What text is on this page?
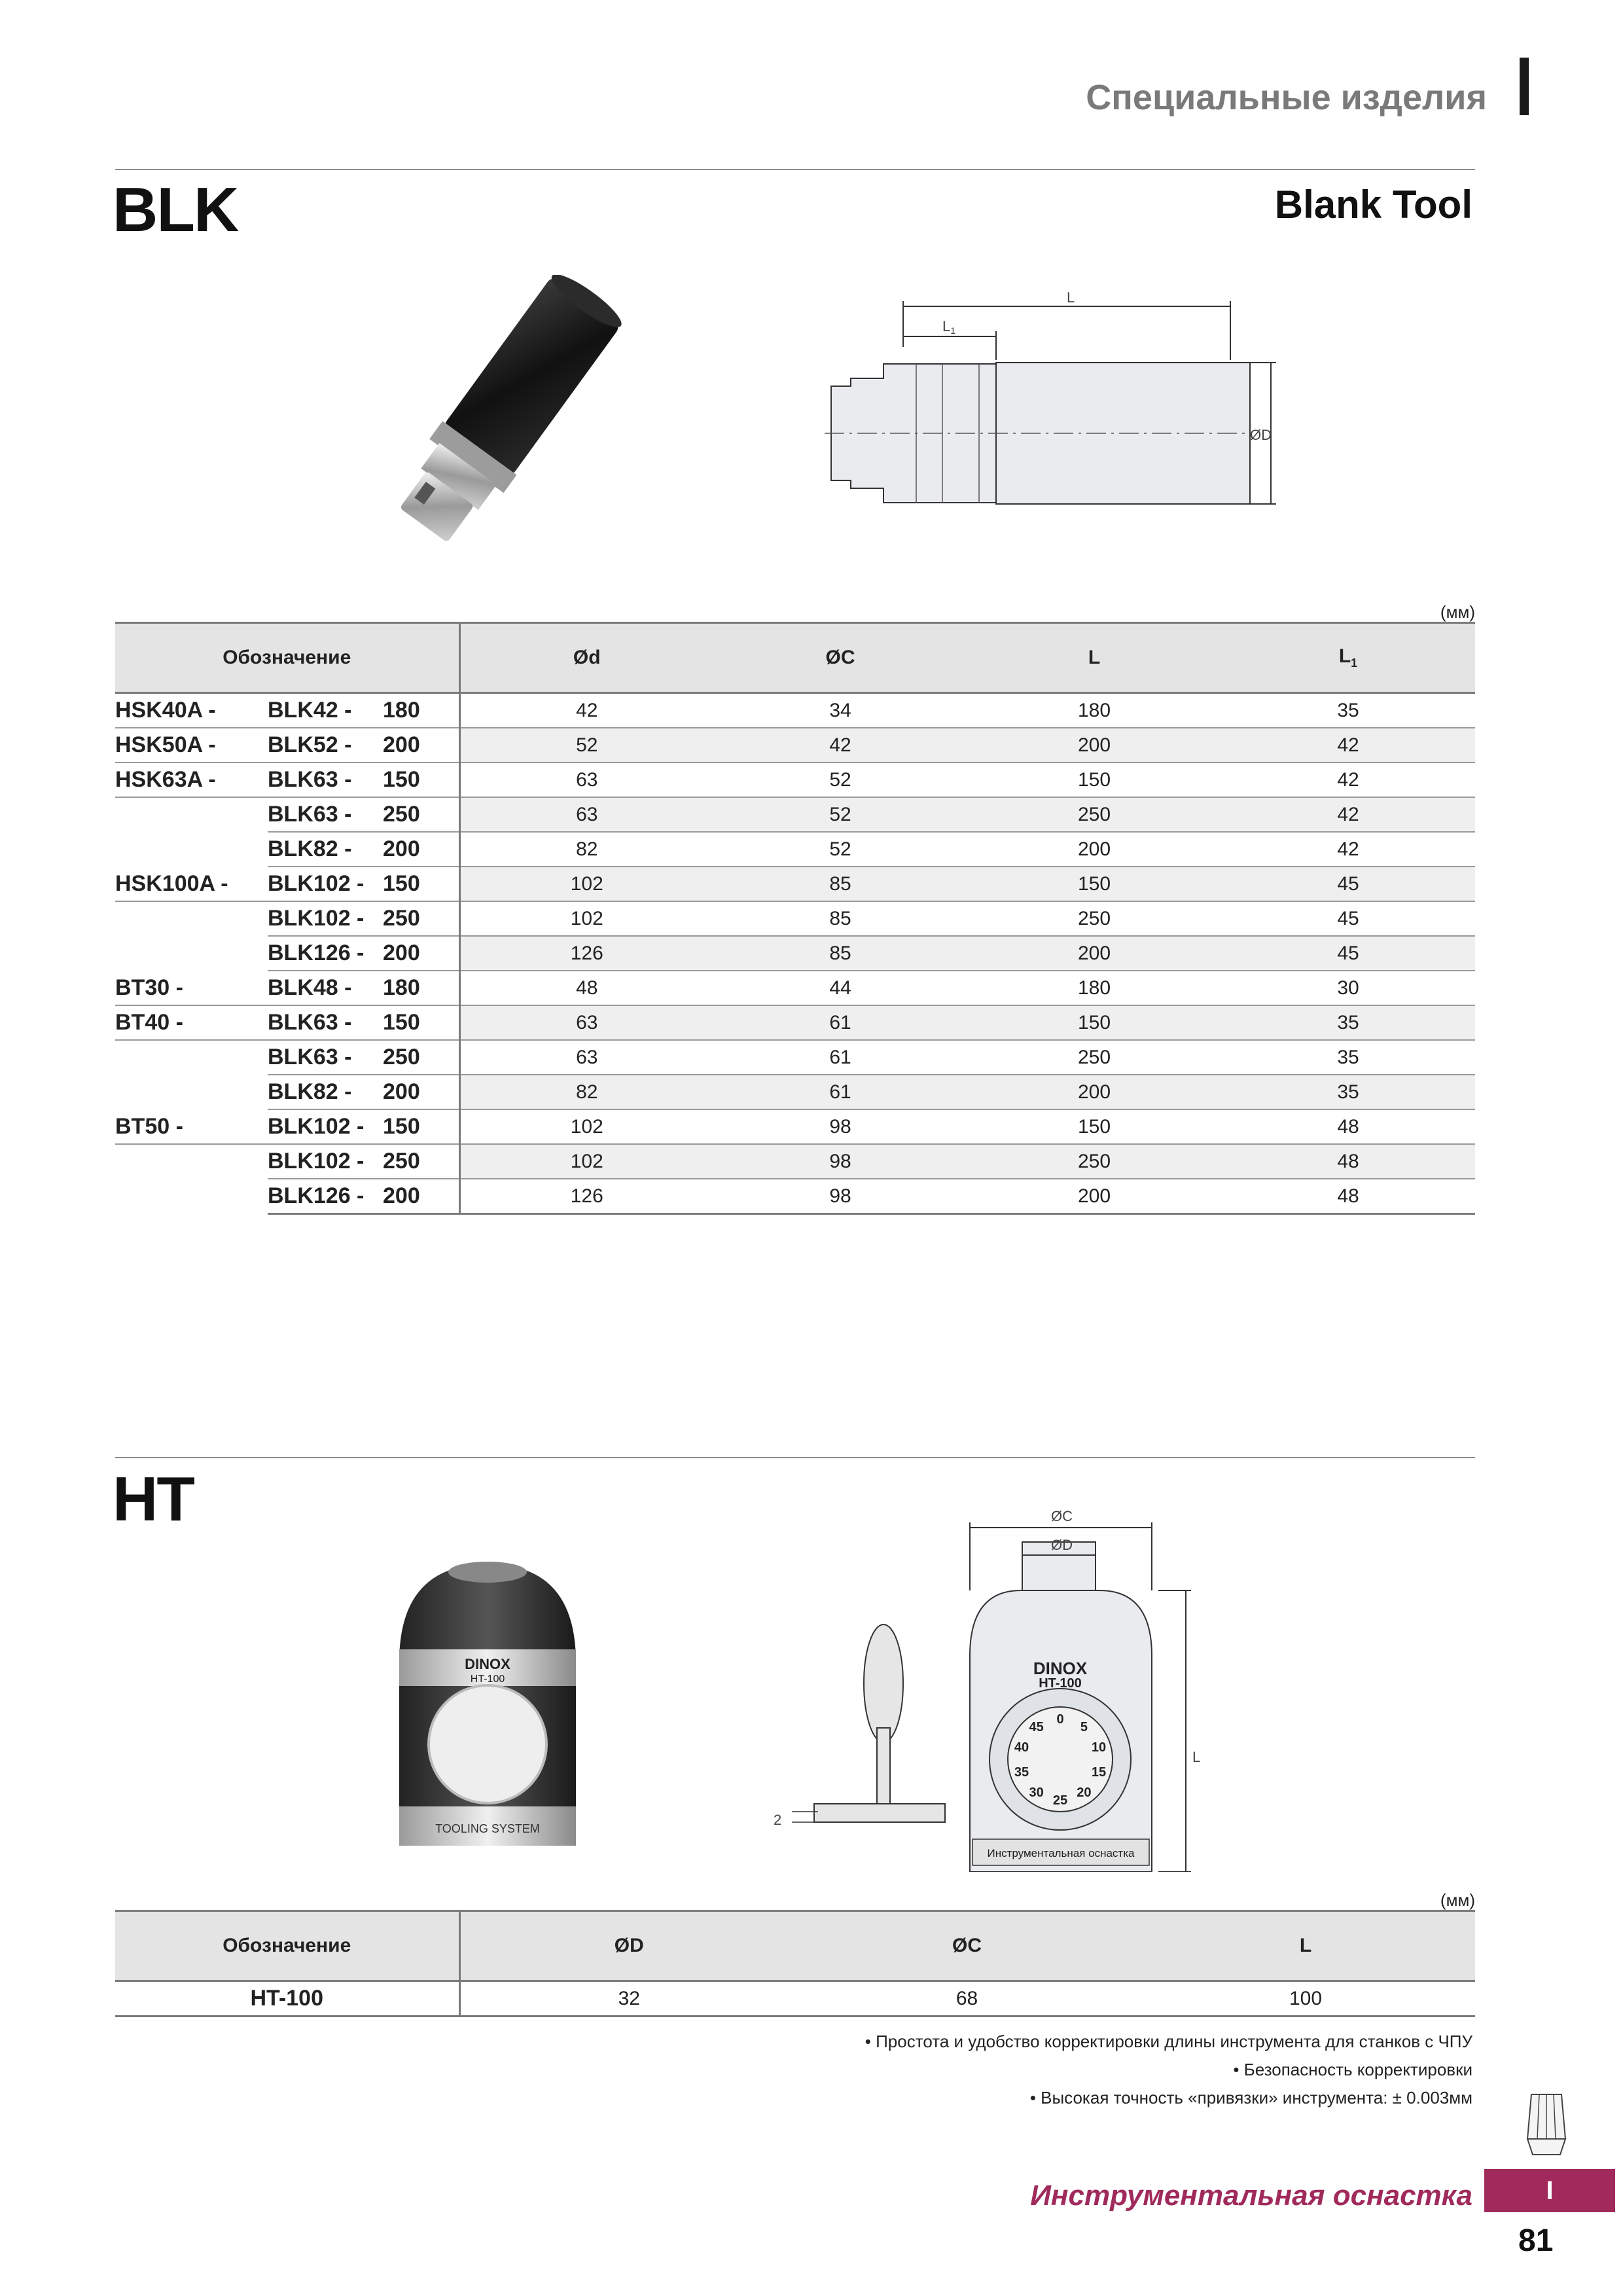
Специальные изделия
BLK	Blank Tool
L
L1
ØD
(мм)
Обозначение			Ød	ØC	L	$L_1$
HSK40A -	BLK42 -	180	42	34	180	35
HSK50A -	BLK52 -	200	52	42	200	42
HSK63A -	BLK63 -	150	63	52	150	42
	BLK63 -	250	63	52	250	42
	BLK82 -	200	82	52	200	42
HSK100A -	BLK102 -	150	102	85	150	45
	BLK102 -	250	102	85	250	45
	BLK126 -	200	126	85	200	45
BT30 -	BLK48 -	180	48	44	180	30
BT40 -	BLK63 -	150	63	61	150	35
	BLK63 -	250	63	61	250	35
	BLK82 -	200	82	61	200	35
BT50 -	BLK102 -	150	102	98	150	48
	BLK102 -	250	102	98	250	48
	BLK126 -	200	126	98	200	48
HT
DINOX
HT-100
TOOLING SYSTEM
2
ØC
ØD
L
DINOX
HT-100
0
5
10
15
20
25
30
35
40
45
Инструментальная оснастка
(мм)
Обозначение	ØD	ØC	L
HT-100	32	68	100
• Простота и удобство корректировки длины инструмента для станков с ЧПУ
• Безопасность корректировки
• Высокая точность «привязки» инструмента: ± 0.003мм
Инструментальная оснастка	I
81
